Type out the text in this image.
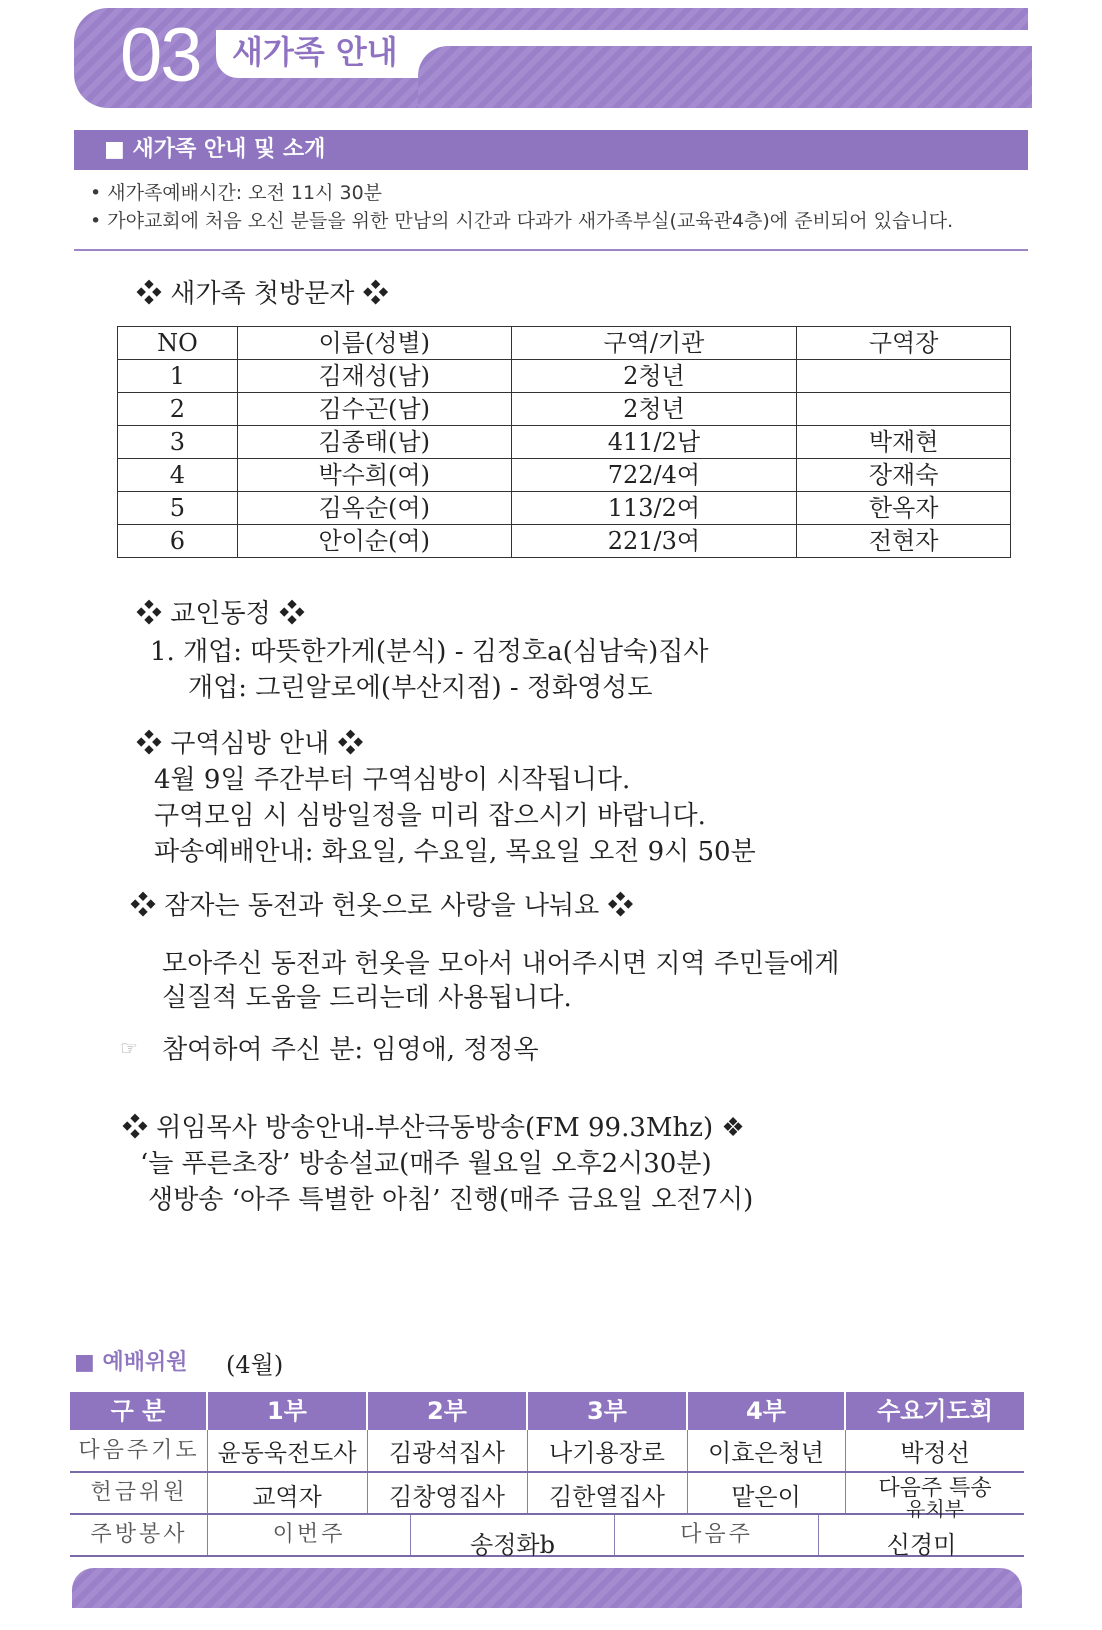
03 새가족 안내
■ 새가족 안내 및 소개
• 새가족예배시간: 오전 11시 30분
• 가야교회에 처음 오신 분들을 위한 만남의 시간과 다과가 새가족부실(교육관4층)에 준비되어 있습니다.
❖ 새가족 첫방문자 ❖
NO	이름(성별)	구역/기관	구역장
1	김재성(남)	2청년	
2	김수곤(남)	2청년	
3	김종태(남)	411/2남	박재현
4	박수희(여)	722/4여	장재숙
5	김옥순(여)	113/2여	한옥자
6	안이순(여)	221/3여	전현자
❖ 교인동정 ❖
1. 개업: 따뜻한가게(분식) - 김정호a(심남숙)집사
개업: 그린알로에(부산지점) - 정화영성도
❖ 구역심방 안내 ❖
4월 9일 주간부터 구역심방이 시작됩니다.
구역모임 시 심방일정을 미리 잡으시기 바랍니다.
파송예배안내: 화요일, 수요일, 목요일 오전 9시 50분
❖ 잠자는 동전과 헌옷으로 사랑을 나눠요 ❖
모아주신 동전과 헌옷을 모아서 내어주시면 지역 주민들에게
실질적 도움을 드리는데 사용됩니다.
☞ 참여하여 주신 분: 임영애, 정정옥
❖ 위임목사 방송안내-부산극동방송(FM 99.3Mhz) ❖
‘늘 푸른초장’ 방송설교(매주 월요일 오후2시30분)
생방송 ‘아주 특별한 아침’ 진행(매주 금요일 오전7시)
■ 예배위원 (4월)
구 분	1부	2부	3부	4부	수요기도회
다음주기도 윤동욱전도사	김광석집사	나기용장로	이효은청년	박정선
헌금위원	교역자	김창영집사	김한열집사	맡은이	다음주 특송
유치부
주방봉사	이번주	송정화b	다음주	신경미
